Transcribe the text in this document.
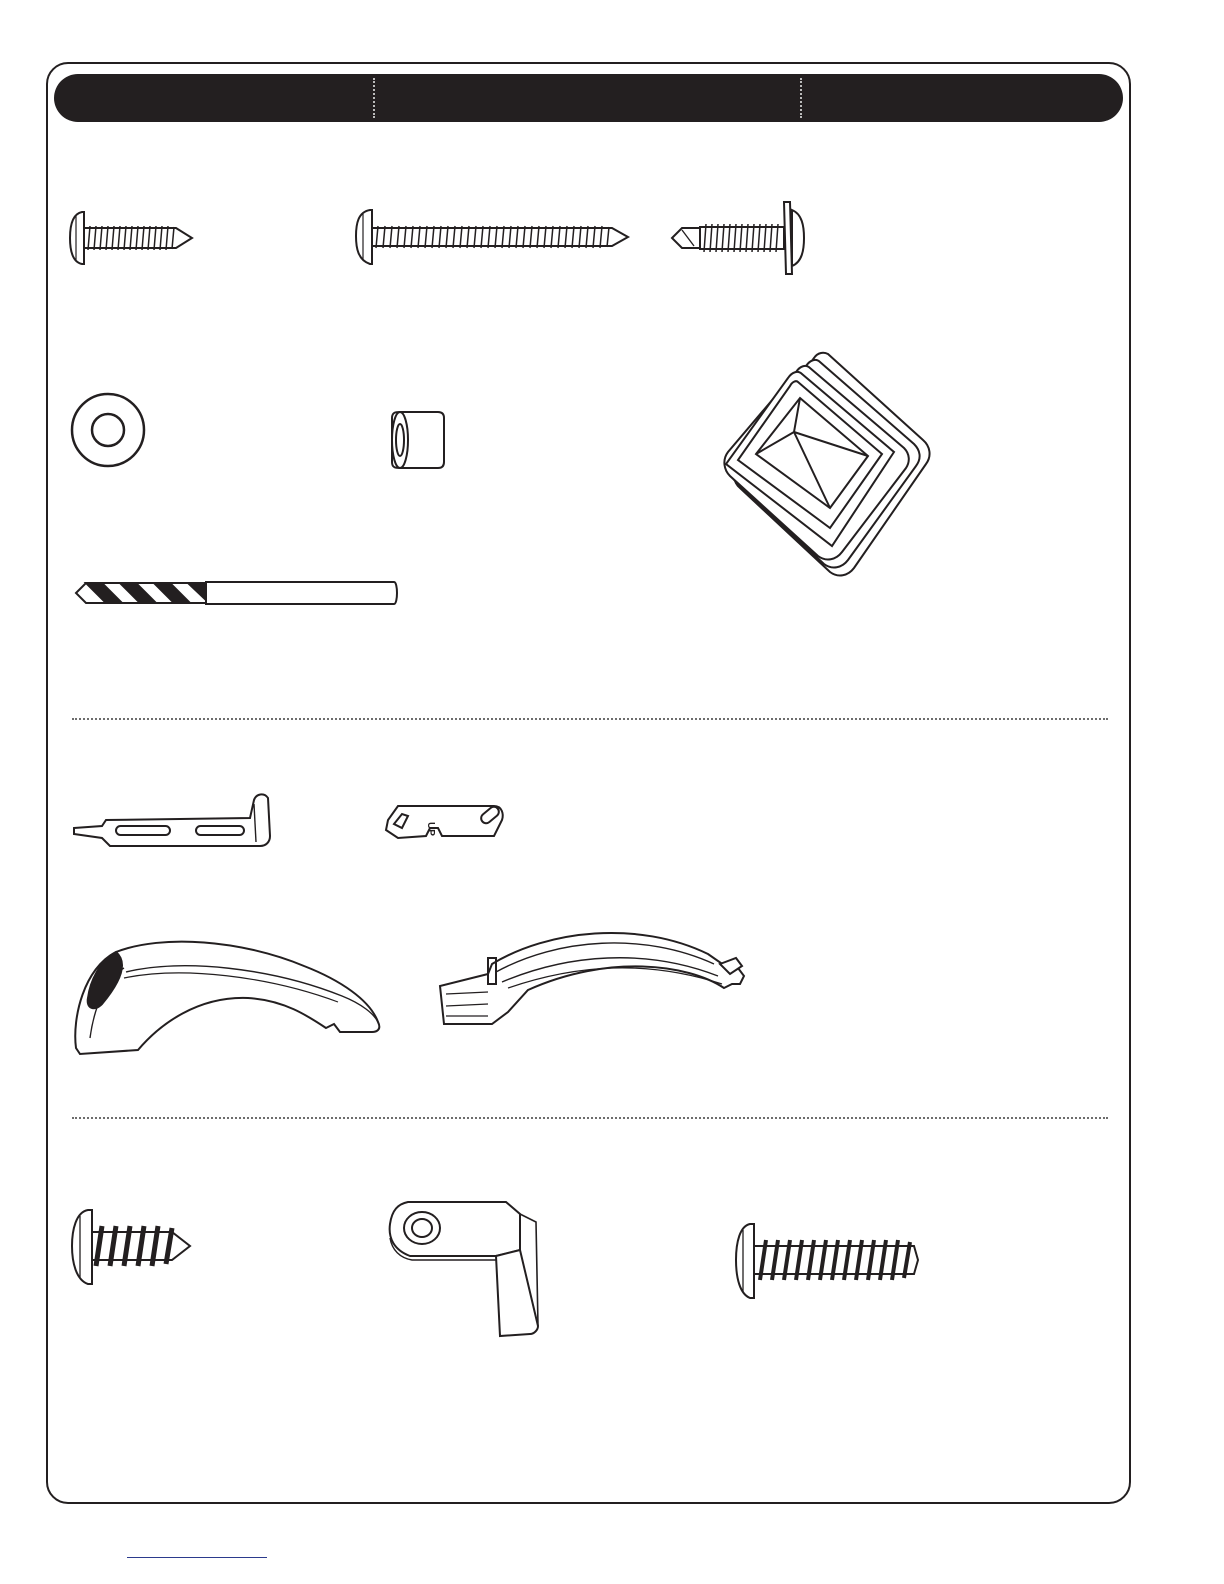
UP
